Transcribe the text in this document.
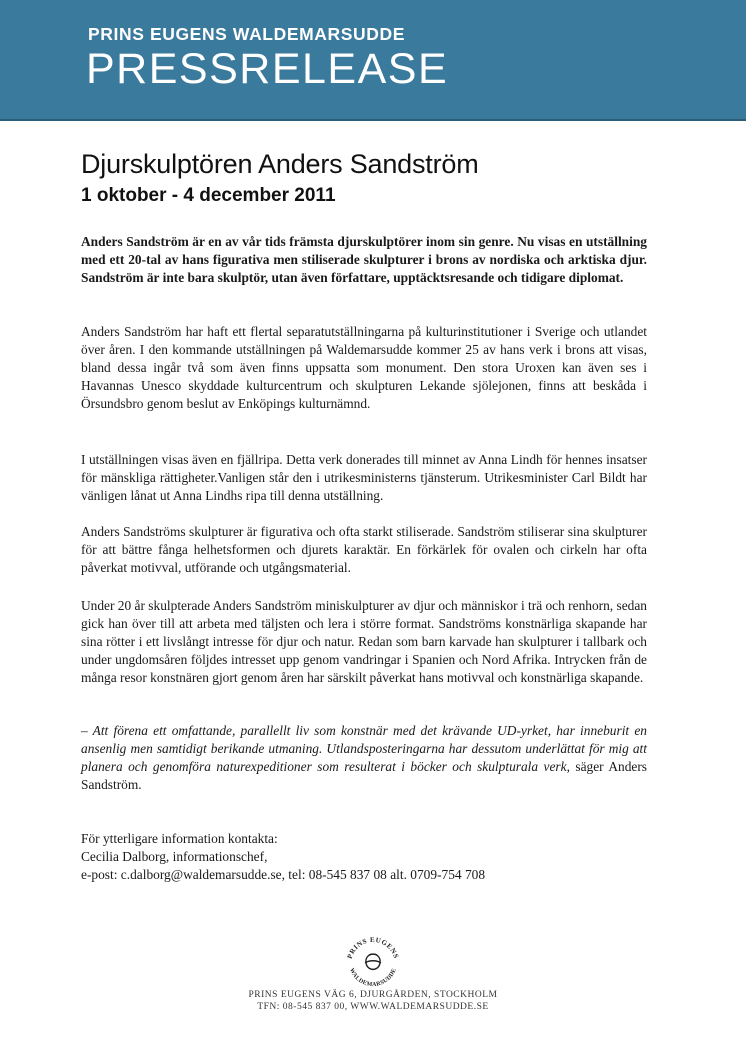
PRINS EUGENS WALDEMARSUDDE
PRESSRELEASE
Djurskulptören Anders Sandström
1 oktober - 4 december 2011

Anders Sandström är en av vår tids främsta djurskulptörer inom sin genre. Nu visas en utställning med ett 20-tal av hans figurativa men stiliserade skulpturer i brons av nordiska och arktiska djur. Sandström är inte bara skulptör, utan även författare, upptäcktsresande och tidigare diplomat.

Anders Sandström har haft ett flertal separatutställningarna på kulturinstitutioner i Sverige och utlandet över åren. I den kommande utställningen på Waldemarsudde kommer 25 av hans verk i brons att visas, bland dessa ingår två som även finns uppsatta som monument. Den stora Uroxen kan även ses i Havannas Unesco skyddade kulturcentrum och skulpturen Lekande sjölejonen, finns att beskåda i Örsundsbro genom beslut av Enköpings kulturnämnd.

I utställningen visas även en fjällripa. Detta verk donerades till minnet av Anna Lindh för hennes insatser för mänskliga rättigheter.Vanligen står den i utrikesministerns tjänsterum. Utrikesminister Carl Bildt har vänligen lånat ut Anna Lindhs ripa till denna utställning.

Anders Sandströms skulpturer är figurativa och ofta starkt stiliserade. Sandström stiliserar sina skulpturer för att bättre fånga helhetsformen och djurets karaktär. En förkärlek för ovalen och cirkeln har ofta påverkat motivval, utförande och utgångsmaterial.

Under 20 år skulpterade Anders Sandström miniskulpturer av djur och människor i trä och renhorn, sedan gick han över till att arbeta med täljsten och lera i större format. Sandströms konstnärliga skapande har sina rötter i ett livslångt intresse för djur och natur. Redan som barn karvade han skulpturer i tallbark och under ungdomsåren följdes intresset upp genom vandringar i Spanien och Nord Afrika. Intrycken från de många resor konstnären gjort genom åren har särskilt påverkat hans motivval och konstnärliga skapande.

– Att förena ett omfattande, parallellt liv som konstnär med det krävande UD-yrket, har inneburit en ansenlig men samtidigt berikande utmaning. Utlandsposteringarna har dessutom underlättat för mig att planera och genomföra naturexpeditioner som resulterat i böcker och skulpturala verk, säger Anders Sandström.

För ytterligare information kontakta:
Cecilia Dalborg, informationschef,
e-post: c.dalborg@waldemarsudde.se, tel: 08-545 837 08 alt. 0709-754 708

PRINS EUGENS
WALDEMARSUDDE
PRINS EUGENS VÄG 6, DJURGÅRDEN, STOCKHOLM
TFN: 08-545 837 00, WWW.WALDEMARSUDDE.SE
